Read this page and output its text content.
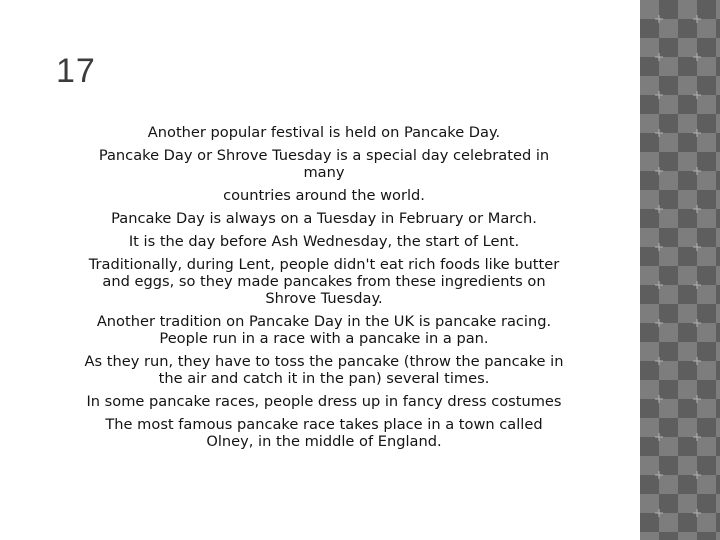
17
Another popular festival is held on Pancake Day.
Pancake Day or Shrove Tuesday is a special day celebrated in
many
countries around the world.
Pancake Day is always on a Tuesday in February or March.
It is the day before Ash Wednesday, the start of Lent.
Traditionally, during Lent, people didn't eat rich foods like butter
and eggs, so they made pancakes from these ingredients on
Shrove Tuesday.
Another tradition on Pancake Day in the UK is pancake racing.
People run in a race with a pancake in a pan.
As they run, they have to toss the pancake (throw the pancake in
the air and catch it in the pan) several times.
In some pancake races, people dress up in fancy dress costumes
The most famous pancake race takes place in a town called
Olney, in the middle of England.
